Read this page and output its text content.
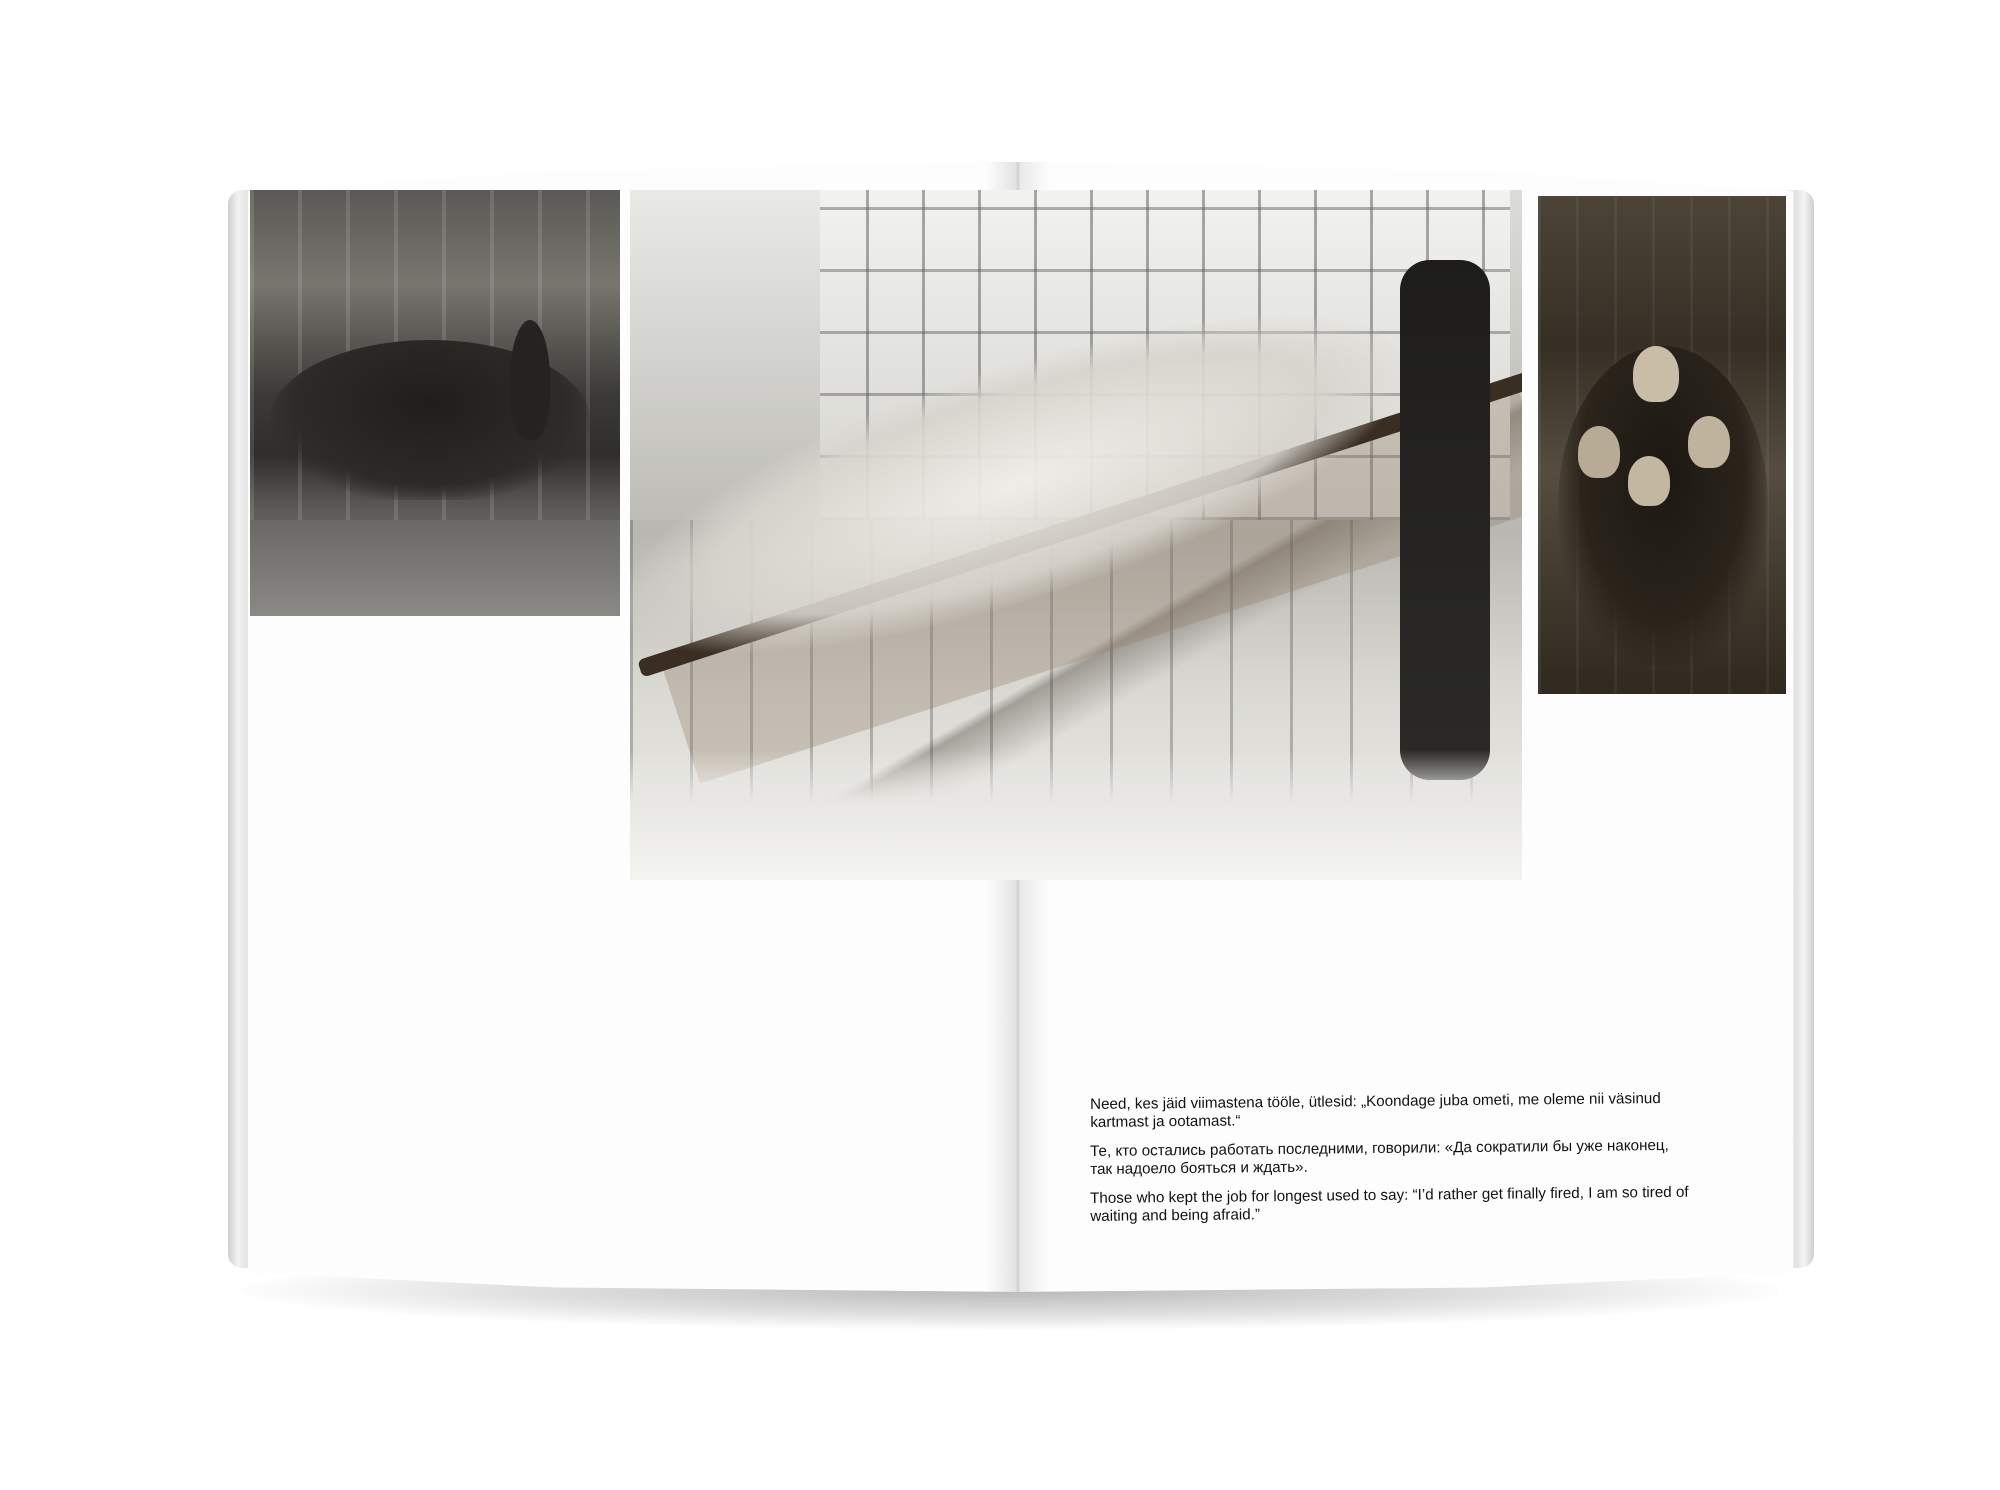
Need, kes jäid viimastena tööle, ütlesid: „Koondage juba ometi, me oleme nii väsinud kartmast ja ootamast.“

Те, кто остались работать последними, говорили: «Да сократили бы уже наконец, так надоело бояться и ждать».

Those who kept the job for longest used to say: “I’d rather get finally fired, I am so tired of waiting and being afraid.”
